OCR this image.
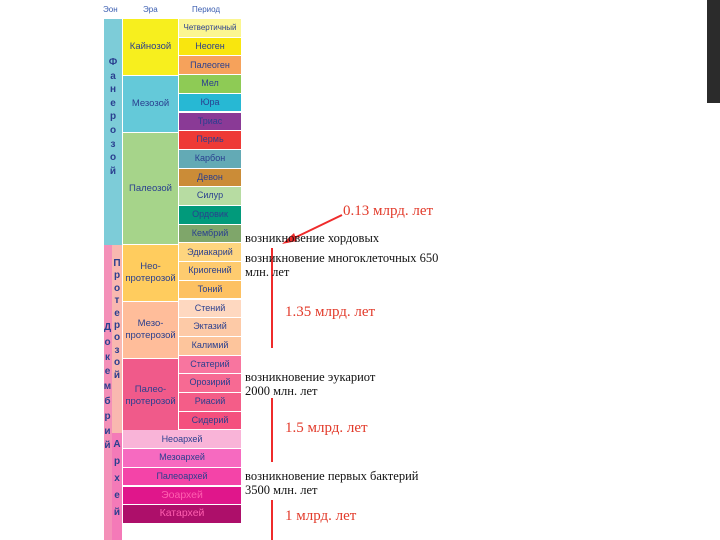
Эон	Эра	Период
Ф
а
н
е
р
о
з
о
й
П
р
о
т
е
р
о
з
о
й
Д
о
к
е
м
б
р
и
й А
р
х
е
й
Кайнозой
Мезозой
Палеозой
Нео- протерозой
Мезо- протерозой
Палео- протерозой
Четвертичный
Неоген
Палеоген
Мел
Юра
Триас
Пермь
Карбон
Девон
Силур
Ордовик
Кембрий
Эдиакарий
Криогений
Тоний
Стений
Эктазий
Калимий
Статерий
Орозирий
Риасий
Сидерий
Неоархей
Мезоархей
Палеоархей
Эоархей
Катархей
возникновение хордовых
возникновение многоклеточных 650 млн. лет
возникновение эукариот 2000 млн. лет
возникновение первых бактерий 3500 млн. лет
0.13 млрд. лет
1.35 млрд. лет
1.5 млрд. лет
1 млрд. лет
